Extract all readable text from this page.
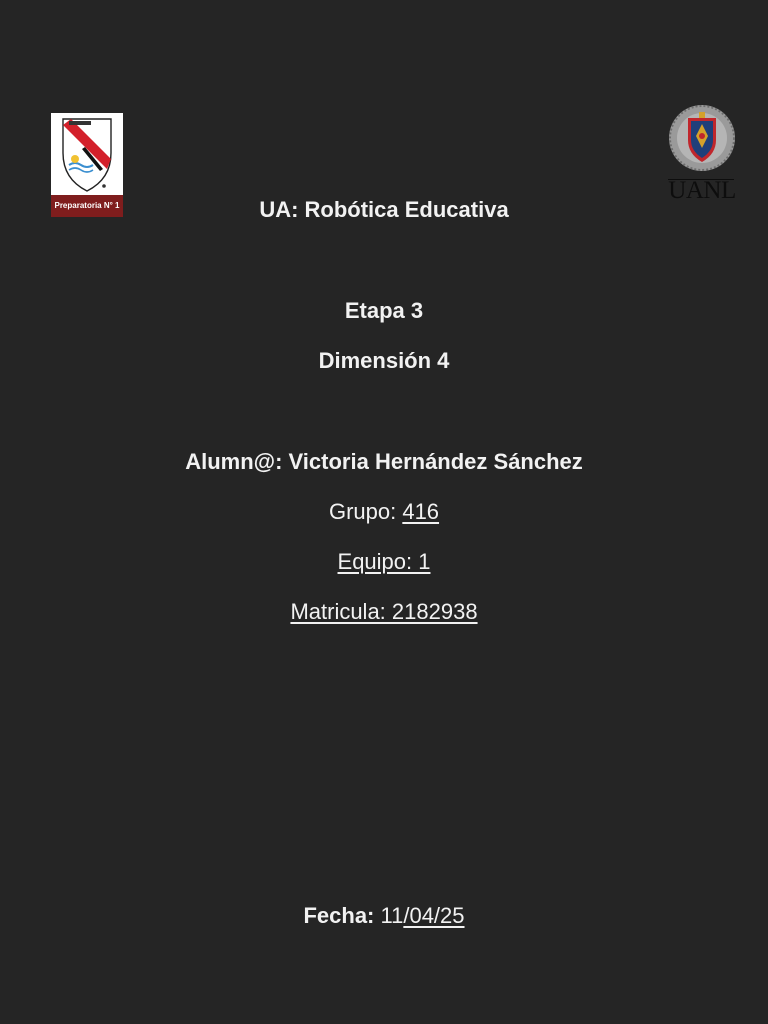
Preparatoria N° 1
UANL
UA: Robótica Educativa
Etapa 3
Dimensión 4
Alumn@: Victoria Hernández Sánchez
Grupo: 416
Equipo: 1
Matricula: 2182938
Fecha: 11/04/25
